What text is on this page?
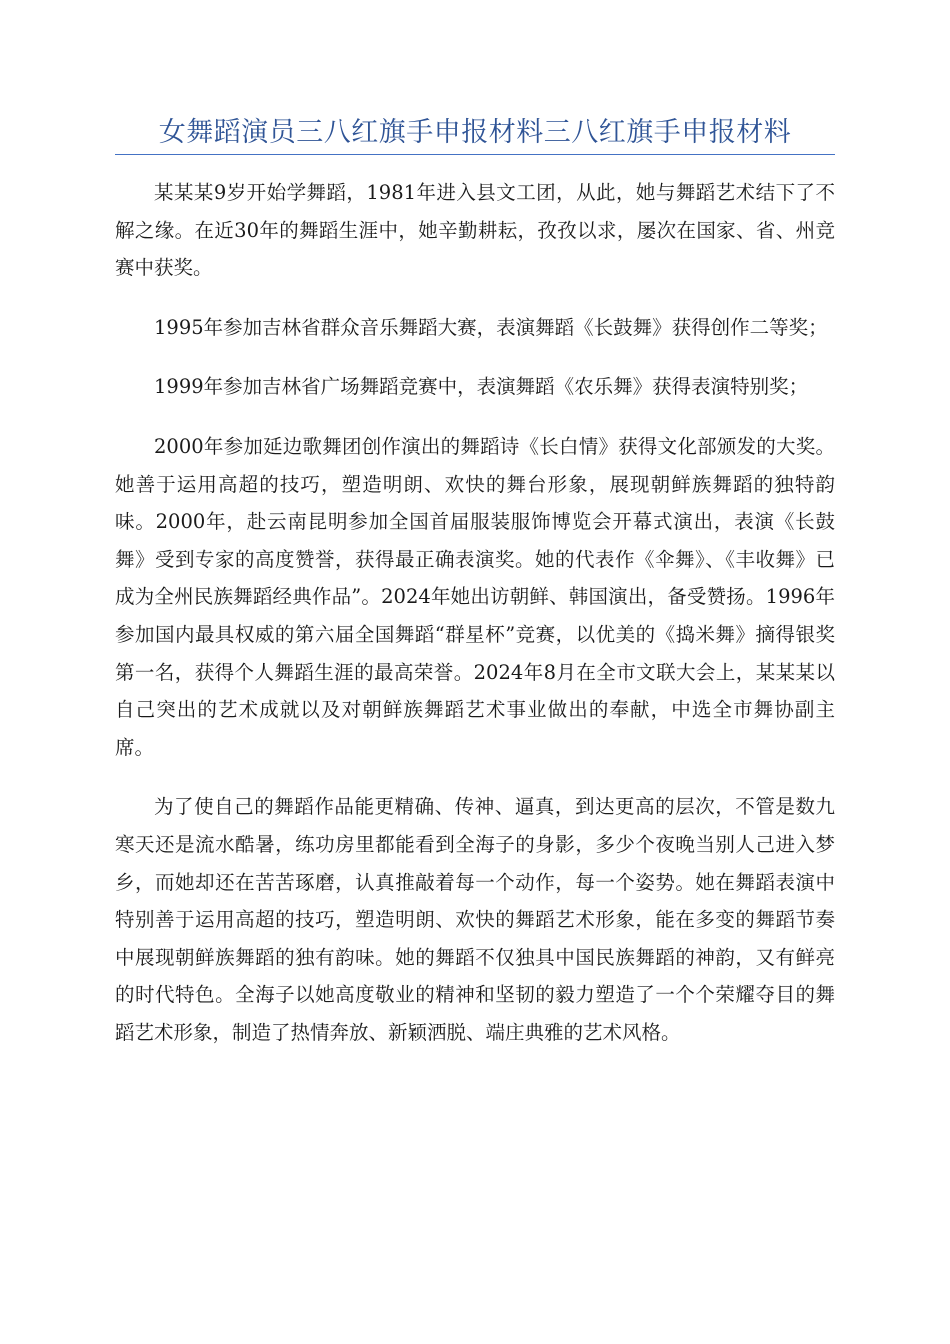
女舞蹈演员三八红旗手申报材料三八红旗手申报材料

某某某9岁开始学舞蹈，1981年进入县文工团，从此，她与舞蹈艺术结下了不解之缘。在近30年的舞蹈生涯中，她辛勤耕耘，孜孜以求，屡次在国家、省、州竞赛中获奖。

1995年参加吉林省群众音乐舞蹈大赛，表演舞蹈《长鼓舞》获得创作二等奖；

1999年参加吉林省广场舞蹈竞赛中，表演舞蹈《农乐舞》获得表演特别奖；

2000年参加延边歌舞团创作演出的舞蹈诗《长白情》获得文化部颁发的大奖。她善于运用高超的技巧，塑造明朗、欢快的舞台形象，展现朝鲜族舞蹈的独特韵味。2000年，赴云南昆明参加全国首届服装服饰博览会开幕式演出，表演《长鼓舞》受到专家的高度赞誉，获得最正确表演奖。她的代表作《伞舞》、《丰收舞》已成为全州民族舞蹈经典作品”。2024年她出访朝鲜、韩国演出，备受赞扬。1996年参加国内最具权威的第六届全国舞蹈“群星杯”竞赛，以优美的《捣米舞》摘得银奖第一名，获得个人舞蹈生涯的最高荣誉。2024年8月在全市文联大会上，某某某以自己突出的艺术成就以及对朝鲜族舞蹈艺术事业做出的奉献，中选全市舞协副主席。

为了使自己的舞蹈作品能更精确、传神、逼真，到达更高的层次，不管是数九寒天还是流水酷暑，练功房里都能看到全海子的身影，多少个夜晚当别人己进入梦乡，而她却还在苦苦琢磨，认真推敲着每一个动作，每一个姿势。她在舞蹈表演中特别善于运用高超的技巧，塑造明朗、欢快的舞蹈艺术形象，能在多变的舞蹈节奏中展现朝鲜族舞蹈的独有韵味。她的舞蹈不仅独具中国民族舞蹈的神韵，又有鲜亮的时代特色。全海子以她高度敬业的精神和坚韧的毅力塑造了一个个荣耀夺目的舞蹈艺术形象，制造了热情奔放、新颖洒脱、端庄典雅的艺术风格。
